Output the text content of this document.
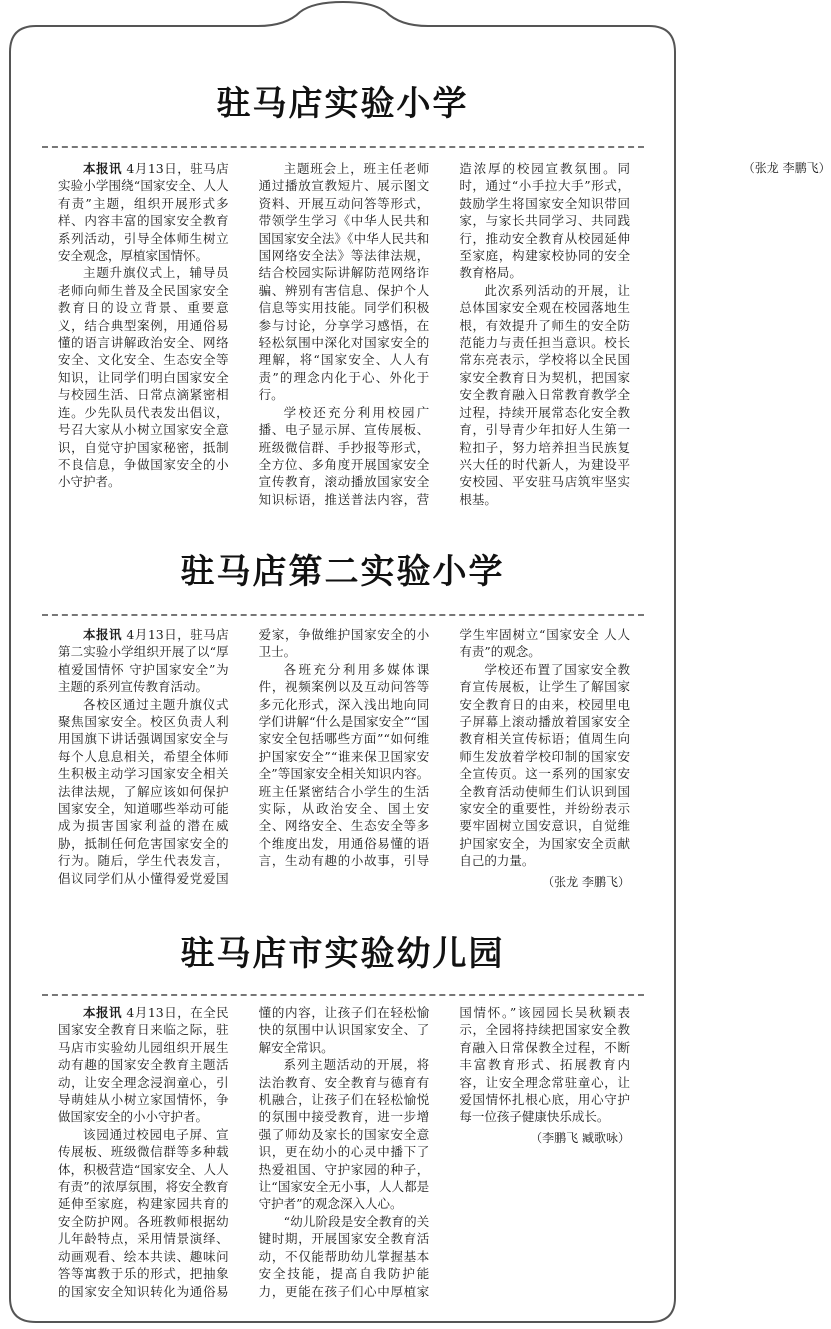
驻马店实验小学

本报讯 4月13日，驻马店实验小学围绕“国家安全、人人有责”主题，组织开展形式多样、内容丰富的国家安全教育系列活动，引导全体师生树立安全观念，厚植家国情怀。

主题升旗仪式上，辅导员老师向师生普及全民国家安全教育日的设立背景、重要意义，结合典型案例，用通俗易懂的语言讲解政治安全、网络安全、文化安全、生态安全等知识，让同学们明白国家安全与校园生活、日常点滴紧密相连。少先队员代表发出倡议，号召大家从小树立国家安全意识，自觉守护国家秘密，抵制不良信息，争做国家安全的小小守护者。

主题班会上，班主任老师通过播放宣教短片、展示图文资料、开展互动问答等形式，带领学生学习《中华人民共和国国家安全法》《中华人民共和国网络安全法》等法律法规，结合校园实际讲解防范网络诈骗、辨别有害信息、保护个人信息等实用技能。同学们积极参与讨论，分享学习感悟，在轻松氛围中深化对国家安全的理解，将“国家安全、人人有责”的理念内化于心、外化于行。

学校还充分利用校园广播、电子显示屏、宣传展板、班级微信群、手抄报等形式，全方位、多角度开展国家安全宣传教育，滚动播放国家安全知识标语，推送普法内容，营造浓厚的校园宣教氛围。同时，通过“小手拉大手”形式，鼓励学生将国家安全知识带回家，与家长共同学习、共同践行，推动安全教育从校园延伸至家庭，构建家校协同的安全教育格局。

此次系列活动的开展，让总体国家安全观在校园落地生根，有效提升了师生的安全防范能力与责任担当意识。校长常东亮表示，学校将以全民国家安全教育日为契机，把国家安全教育融入日常教育教学全过程，持续开展常态化安全教育，引导青少年扣好人生第一粒扣子，努力培养担当民族复兴大任的时代新人，为建设平安校园、平安驻马店筑牢坚实根基。

（张龙 李鹏飞）
驻马店第二实验小学

本报讯 4月13日，驻马店第二实验小学组织开展了以“厚植爱国情怀 守护国家安全”为主题的系列宣传教育活动。

各校区通过主题升旗仪式聚焦国家安全。校区负责人利用国旗下讲话强调国家安全与每个人息息相关，希望全体师生积极主动学习国家安全相关法律法规，了解应该如何保护国家安全，知道哪些举动可能成为损害国家利益的潜在威胁，抵制任何危害国家安全的行为。随后，学生代表发言，倡议同学们从小懂得爱党爱国爱家，争做维护国家安全的小卫士。

各班充分利用多媒体课件，视频案例以及互动问答等多元化形式，深入浅出地向同学们讲解“什么是国家安全”“国家安全包括哪些方面”“如何维护国家安全”“谁来保卫国家安全”等国家安全相关知识内容。班主任紧密结合小学生的生活实际，从政治安全、国土安全、网络安全、生态安全等多个维度出发，用通俗易懂的语言，生动有趣的小故事，引导学生牢固树立“国家安全 人人有责”的观念。

学校还布置了国家安全教育宣传展板，让学生了解国家安全教育日的由来，校园里电子屏幕上滚动播放着国家安全教育相关宣传标语；值周生向师生发放着学校印制的国家安全宣传页。这一系列的国家安全教育活动使师生们认识到国家安全的重要性，并纷纷表示要牢固树立国安意识，自觉维护国家安全，为国家安全贡献自己的力量。

（张龙 李鹏飞）
驻马店市实验幼儿园

本报讯 4月13日，在全民国家安全教育日来临之际，驻马店市实验幼儿园组织开展生动有趣的国家安全教育主题活动，让安全理念浸润童心，引导萌娃从小树立家国情怀，争做国家安全的小小守护者。

该园通过校园电子屏、宣传展板、班级微信群等多种载体，积极营造“国家安全、人人有责”的浓厚氛围，将安全教育延伸至家庭，构建家园共育的安全防护网。各班教师根据幼儿年龄特点，采用情景演绎、动画观看、绘本共读、趣味问答等寓教于乐的形式，把抽象的国家安全知识转化为通俗易懂的内容，让孩子们在轻松愉快的氛围中认识国家安全、了解安全常识。

系列主题活动的开展，将法治教育、安全教育与德育有机融合，让孩子们在轻松愉悦的氛围中接受教育，进一步增强了师幼及家长的国家安全意识，更在幼小的心灵中播下了热爱祖国、守护家园的种子，让“国家安全无小事，人人都是守护者”的观念深入人心。

“幼儿阶段是安全教育的关键时期，开展国家安全教育活动，不仅能帮助幼儿掌握基本安全技能，提高自我防护能力，更能在孩子们心中厚植家国情怀。”该园园长吴秋颖表示，全园将持续把国家安全教育融入日常保教全过程，不断丰富教育形式、拓展教育内容，让安全理念常驻童心，让爱国情怀扎根心底，用心守护每一位孩子健康快乐成长。

（李鹏飞 臧歌咏）
